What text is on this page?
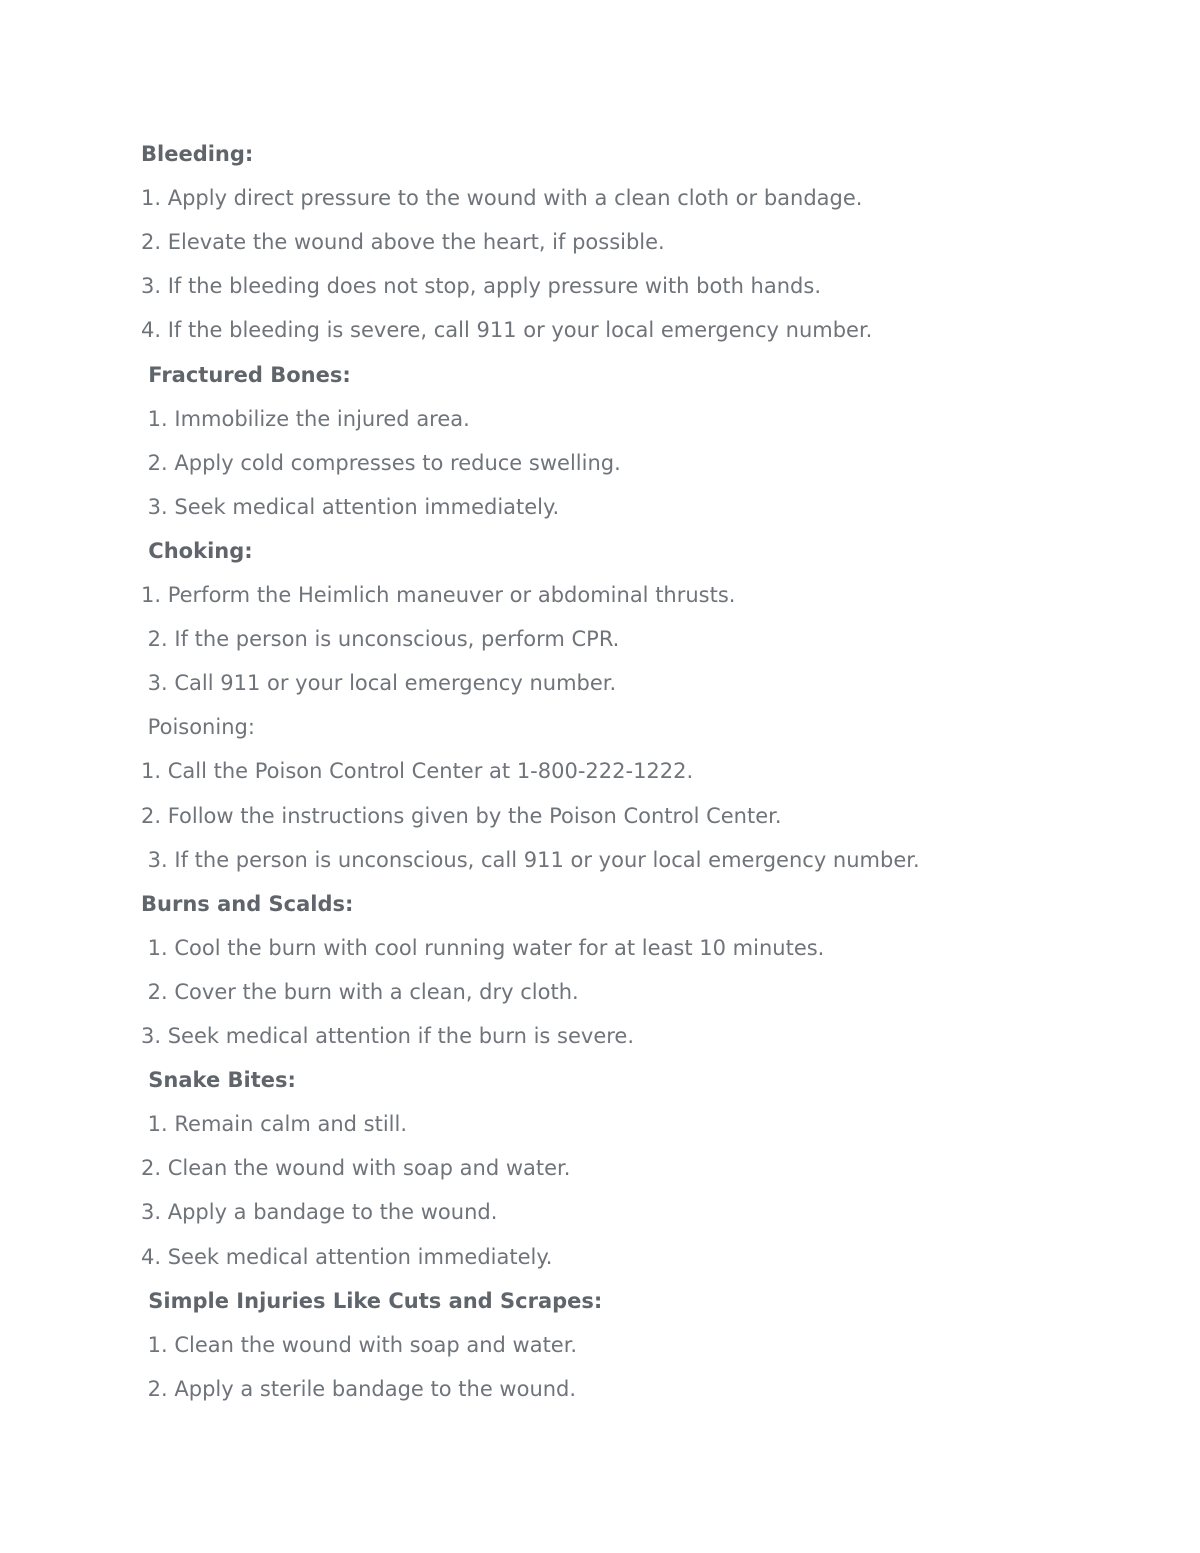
Bleeding:
1. Apply direct pressure to the wound with a clean cloth or bandage.
2. Elevate the wound above the heart, if possible.
3. If the bleeding does not stop, apply pressure with both hands.
4. If the bleeding is severe, call 911 or your local emergency number.
Fractured Bones:
1. Immobilize the injured area.
2. Apply cold compresses to reduce swelling.
3. Seek medical attention immediately.
Choking:
1. Perform the Heimlich maneuver or abdominal thrusts.
2. If the person is unconscious, perform CPR.
3. Call 911 or your local emergency number.
Poisoning:
1. Call the Poison Control Center at 1-800-222-1222.
2. Follow the instructions given by the Poison Control Center.
3. If the person is unconscious, call 911 or your local emergency number.
Burns and Scalds:
1. Cool the burn with cool running water for at least 10 minutes.
2. Cover the burn with a clean, dry cloth.
3. Seek medical attention if the burn is severe.
Snake Bites:
1. Remain calm and still.
2. Clean the wound with soap and water.
3. Apply a bandage to the wound.
4. Seek medical attention immediately.
Simple Injuries Like Cuts and Scrapes:
1. Clean the wound with soap and water.
2. Apply a sterile bandage to the wound.
